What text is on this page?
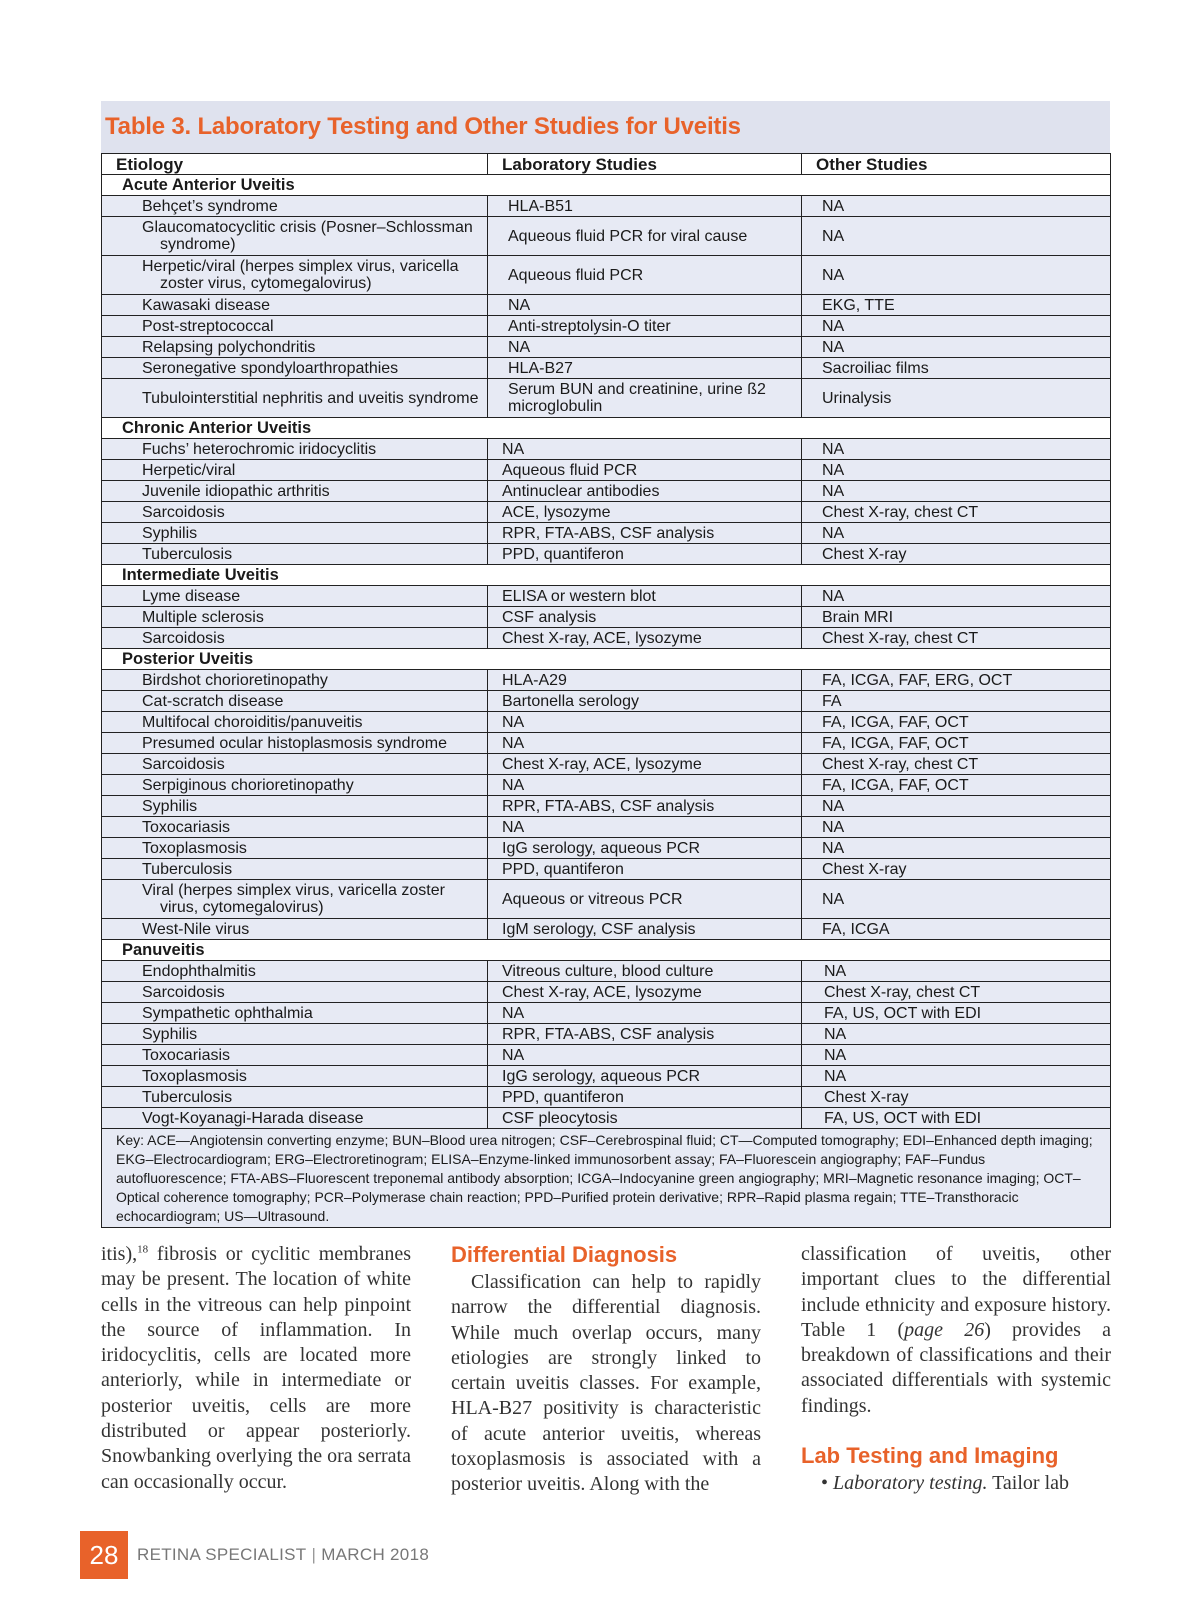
Table 3. Laboratory Testing and Other Studies for Uveitis
Etiology	Laboratory Studies	Other Studies
Acute Anterior Uveitis		
Behçet’s syndrome	HLA-B51	NA

Glaucomatocyclitic crisis (Posner–Schlossman syndrome)	Aqueous fluid PCR for viral cause	NA

Herpetic/viral (herpes simplex virus, varicella zoster virus, cytomegalovirus)	Aqueous fluid PCR	NA
Kawasaki disease	NA	EKG, TTE
Post-streptococcal	Anti-streptolysin-O titer	NA
Relapsing polychondritis	NA	NA
Seronegative spondyloarthropathies	HLA-B27	Sacroiliac films
Tubulointerstitial nephritis and uveitis syndrome	Serum BUN and creatinine, urine ß2 microglobulin	Urinalysis
Chronic Anterior Uveitis		
Fuchs’ heterochromic iridocyclitis	NA	NA
Herpetic/viral	Aqueous fluid PCR	NA
Juvenile idiopathic arthritis	Antinuclear antibodies	NA
Sarcoidosis	ACE, lysozyme	Chest X-ray, chest CT
Syphilis	RPR, FTA-ABS, CSF analysis	NA
Tuberculosis	PPD, quantiferon	Chest X-ray
Intermediate Uveitis		
Lyme disease	ELISA or western blot	NA
Multiple sclerosis	CSF analysis	Brain MRI
Sarcoidosis	Chest X-ray, ACE, lysozyme	Chest X-ray, chest CT
Posterior Uveitis		
Birdshot chorioretinopathy	HLA-A29	FA, ICGA, FAF, ERG, OCT
Cat-scratch disease	Bartonella serology	FA
Multifocal choroiditis/panuveitis	NA	FA, ICGA, FAF, OCT
Presumed ocular histoplasmosis syndrome	NA	FA, ICGA, FAF, OCT
Sarcoidosis	Chest X-ray, ACE, lysozyme	Chest X-ray, chest CT
Serpiginous chorioretinopathy	NA	FA, ICGA, FAF, OCT
Syphilis	RPR, FTA-ABS, CSF analysis	NA
Toxocariasis	NA	NA
Toxoplasmosis	IgG serology, aqueous PCR	NA
Tuberculosis	PPD, quantiferon	Chest X-ray

Viral (herpes simplex virus, varicella zoster virus, cytomegalovirus)	Aqueous or vitreous PCR	NA
West-Nile virus	IgM serology, CSF analysis	FA, ICGA
Panuveitis		
Endophthalmitis	Vitreous culture, blood culture	NA
Sarcoidosis	Chest X-ray, ACE, lysozyme	Chest X-ray, chest CT
Sympathetic ophthalmia	NA	FA, US, OCT with EDI
Syphilis	RPR, FTA-ABS, CSF analysis	NA
Toxocariasis	NA	NA
Toxoplasmosis	IgG serology, aqueous PCR	NA
Tuberculosis	PPD, quantiferon	Chest X-ray
Vogt-Koyanagi-Harada disease	CSF pleocytosis	FA, US, OCT with EDI
Key: ACE—Angiotensin converting enzyme; BUN–Blood urea nitrogen; CSF–Cerebrospinal fluid; CT—Computed tomography; EDI–Enhanced depth imaging; EKG–Electrocardiogram; ERG–Electroretinogram; ELISA–Enzyme-linked immunosorbent assay; FA–Fluorescein angiography; FAF–Fundus autofluorescence; FTA-ABS–Fluorescent treponemal antibody absorption; ICGA–Indocyanine green angiography; MRI–Magnetic resonance imaging; OCT–Optical coherence tomography; PCR–Polymerase chain reaction; PPD–Purified protein derivative; RPR–Rapid plasma regain; TTE–Transthoracic echocardiogram; US—Ultrasound.		

itis),$^{18}$ fibrosis or cyclitic membranes may be present. The location of white cells in the vitreous can help pinpoint the source of inflammation. In iridocyclitis, cells are located more anteriorly, while in intermediate or posterior uveitis, cells are more distributed or appear posteriorly. Snowbanking overlying the ora serrata can occasionally occur.

Differential Diagnosis

Classification can help to rapidly narrow the differential diagnosis. While much overlap occurs, many etiologies are strongly linked to certain uveitis classes. For example, HLA-B27 positivity is characteristic of acute anterior uveitis, whereas toxoplasmosis is associated with a posterior uveitis. Along with the

classification of uveitis, other important clues to the differential include ethnicity and exposure history. Table 1 (page 26) provides a breakdown of classifications and their associated differentials with systemic findings.

Lab Testing and Imaging

• Laboratory testing. Tailor lab

28	RETINA SPECIALIST | MARCH 2018
